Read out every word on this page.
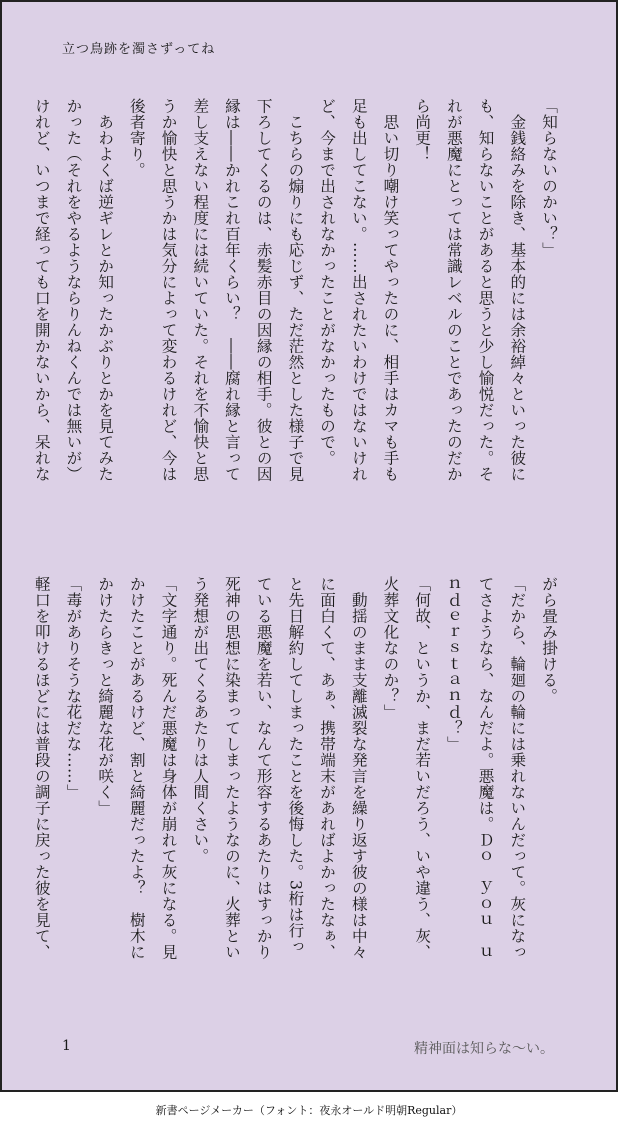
立つ鳥跡を濁さずってね
「知らないのかい？」
　金銭絡みを除き、基本的には余裕綽々といった彼に
も、知らないことがあると思うと少し愉悦だった。そ
れが悪魔にとっては常識レベルのことであったのだか
ら尚更！
　思い切り嘲け笑ってやったのに、相手はカマも手も
足も出してこない。……出されたいわけではないけれ
ど、今まで出されなかったことがなかったもので。
　こちらの煽りにも応じず、ただ茫然とした様子で見
下ろしてくるのは、赤髪赤目の因縁の相手。彼との因
縁は――かれこれ百年くらい？　――腐れ縁と言って
差し支えない程度には続いていた。それを不愉快と思
うか愉快と思うかは気分によって変わるけれど、今は
後者寄り。
　あわよくば逆ギレとか知ったかぶりとかを見てみた
かった（それをやるようならりんねくんでは無いが）
けれど、いつまで経っても口を開かないから、呆れな
がら畳み掛ける。
「だから、輪廻の輪には乗れないんだって。灰になっ
てさようなら、なんだよ。悪魔は。Ｄｏ　ｙｏｕ　ｕ
ｎｄｅｒｓｔａｎｄ？」
「何故、というか、まだ若いだろう、いや違う、灰、
火葬文化なのか？」
　動揺のまま支離滅裂な発言を繰り返す彼の様は中々
に面白くて、あぁ、携帯端末があればよかったなぁ、
と先日解約してしまったことを後悔した。3桁は行っ
ている悪魔を若い、なんて形容するあたりはすっかり
死神の思想に染まってしまったようなのに、火葬とい
う発想が出てくるあたりは人間くさい。
「文字通り。死んだ悪魔は身体が崩れて灰になる。見
かけたことがあるけど、割と綺麗だったよ？　樹木に
かけたらきっと綺麗な花が咲く」
「毒がありそうな花だな……」
軽口を叩けるほどには普段の調子に戻った彼を見て、
1	精神面は知らな～い。
新書ページメーカー（フォント：夜永オールド明朝Regular）
